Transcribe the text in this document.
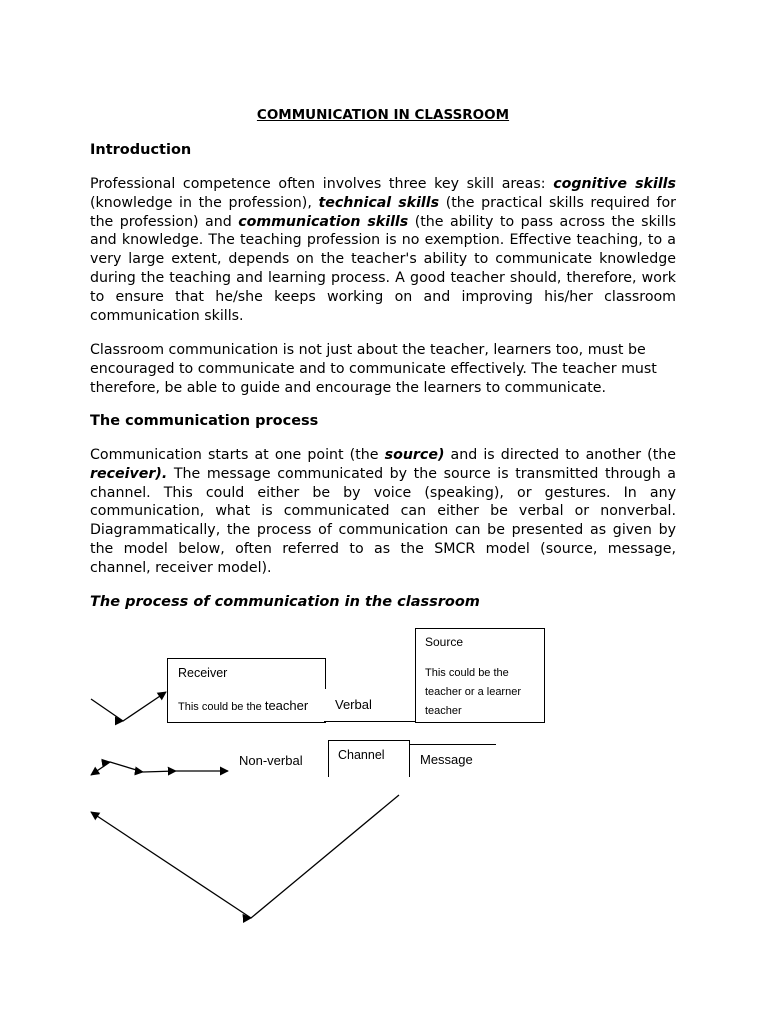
COMMUNICATION IN CLASSROOM

Introduction

Professional competence often involves three key skill areas: cognitive skills (knowledge in the profession), technical skills (the practical skills required for the profession) and communication skills (the ability to pass across the skills and knowledge. The teaching profession is no exemption. Effective teaching, to a very large extent, depends on the teacher's ability to communicate knowledge during the teaching and learning process. A good teacher should, therefore, work to ensure that he/she keeps working on and improving his/her classroom communication skills.

Classroom communication is not just about the teacher, learners too, must be encouraged to communicate and to communicate effectively. The teacher must therefore, be able to guide and encourage the learners to communicate.

The communication process

Communication starts at one point (the source) and is directed to another (the receiver). The message communicated by the source is transmitted through a channel. This could either be by voice (speaking), or gestures. In any communication, what is communicated can either be verbal or nonverbal. Diagrammatically, the process of communication can be presented as given by the model below, often referred to as the SMCR model (source, message, channel, receiver model).

The process of communication in the classroom

Source
This could be the teacher or a learner teacher
Receiver
This could be the teacher Verbal
Non-verbal	Channel	Message
